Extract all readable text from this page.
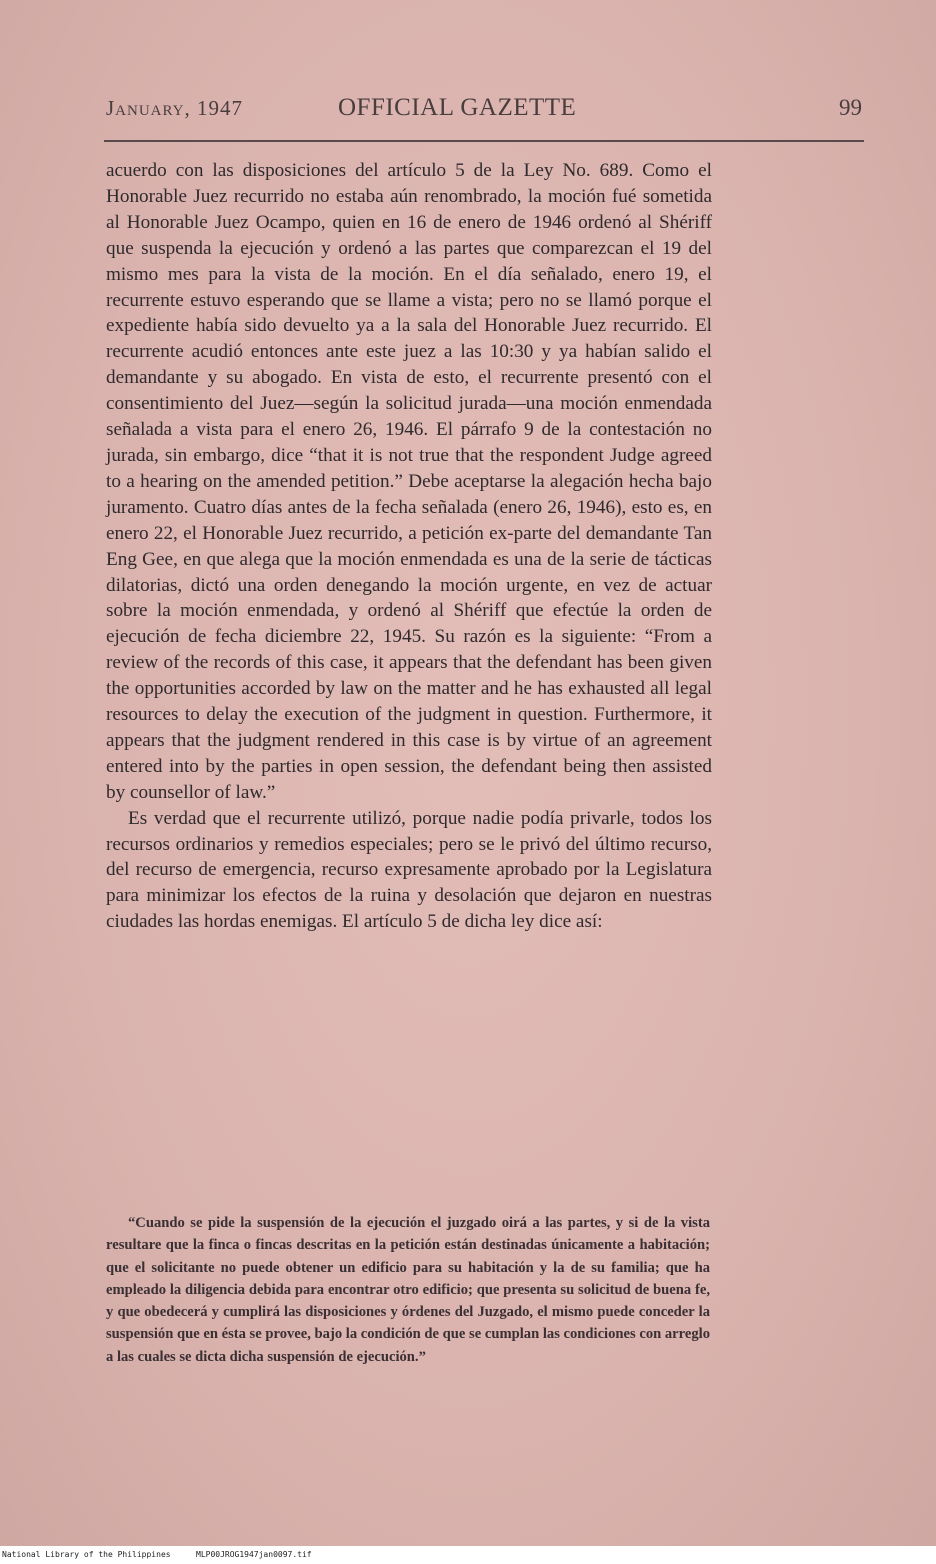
January, 1947	OFFICIAL GAZETTE	99

acuerdo con las disposiciones del artículo 5 de la Ley No. 689. Como el Honorable Juez recurrido no estaba aún renombrado, la moción fué sometida al Honorable Juez Ocampo, quien en 16 de enero de 1946 ordenó al Shériff que suspenda la ejecución y ordenó a las partes que comparezcan el 19 del mismo mes para la vista de la moción. En el día señalado, enero 19, el recurrente estuvo esperando que se llame a vista; pero no se llamó porque el expediente había sido devuelto ya a la sala del Honorable Juez recurrido. El recurrente acudió entonces ante este juez a las 10:30 y ya habían salido el demandante y su abogado. En vista de esto, el recurrente presentó con el consentimiento del Juez—según la solicitud jurada—una moción enmendada señalada a vista para el enero 26, 1946. El párrafo 9 de la contestación no jurada, sin embargo, dice “that it is not true that the respondent Judge agreed to a hearing on the amended petition.” Debe aceptarse la alegación hecha bajo juramento. Cuatro días antes de la fecha señalada (enero 26, 1946), esto es, en enero 22, el Honorable Juez recurrido, a petición ex-parte del demandante Tan Eng Gee, en que alega que la moción enmendada es una de la serie de tácticas dilatorias, dictó una orden denegando la moción urgente, en vez de actuar sobre la moción enmendada, y ordenó al Shériff que efectúe la orden de ejecución de fecha diciembre 22, 1945. Su razón es la siguiente: “From a review of the records of this case, it appears that the defendant has been given the opportunities accorded by law on the matter and he has exhausted all legal resources to delay the execution of the judgment in question. Furthermore, it appears that the judgment rendered in this case is by virtue of an agreement entered into by the parties in open session, the defendant being then assisted by counsellor of law.”

Es verdad que el recurrente utilizó, porque nadie podía privarle, todos los recursos ordinarios y remedios especiales; pero se le privó del último recurso, del recurso de emergencia, recurso expresamente aprobado por la Legislatura para minimizar los efectos de la ruina y desolación que dejaron en nuestras ciudades las hordas enemigas. El artículo 5 de dicha ley dice así:

“Cuando se pide la suspensión de la ejecución el juzgado oirá a las partes, y si de la vista resultare que la finca o fincas descritas en la petición están destinadas únicamente a habitación; que el solicitante no puede obtener un edificio para su habitación y la de su familia; que ha empleado la diligencia debida para encontrar otro edificio; que presenta su solicitud de buena fe, y que obedecerá y cumplirá las disposiciones y órdenes del Juzgado, el mismo puede conceder la suspensión que en ésta se provee, bajo la condición de que se cumplan las condiciones con arreglo a las cuales se dicta dicha suspensión de ejecución.”
National Library of the Philippines	MLP00JROG1947jan0097.tif
